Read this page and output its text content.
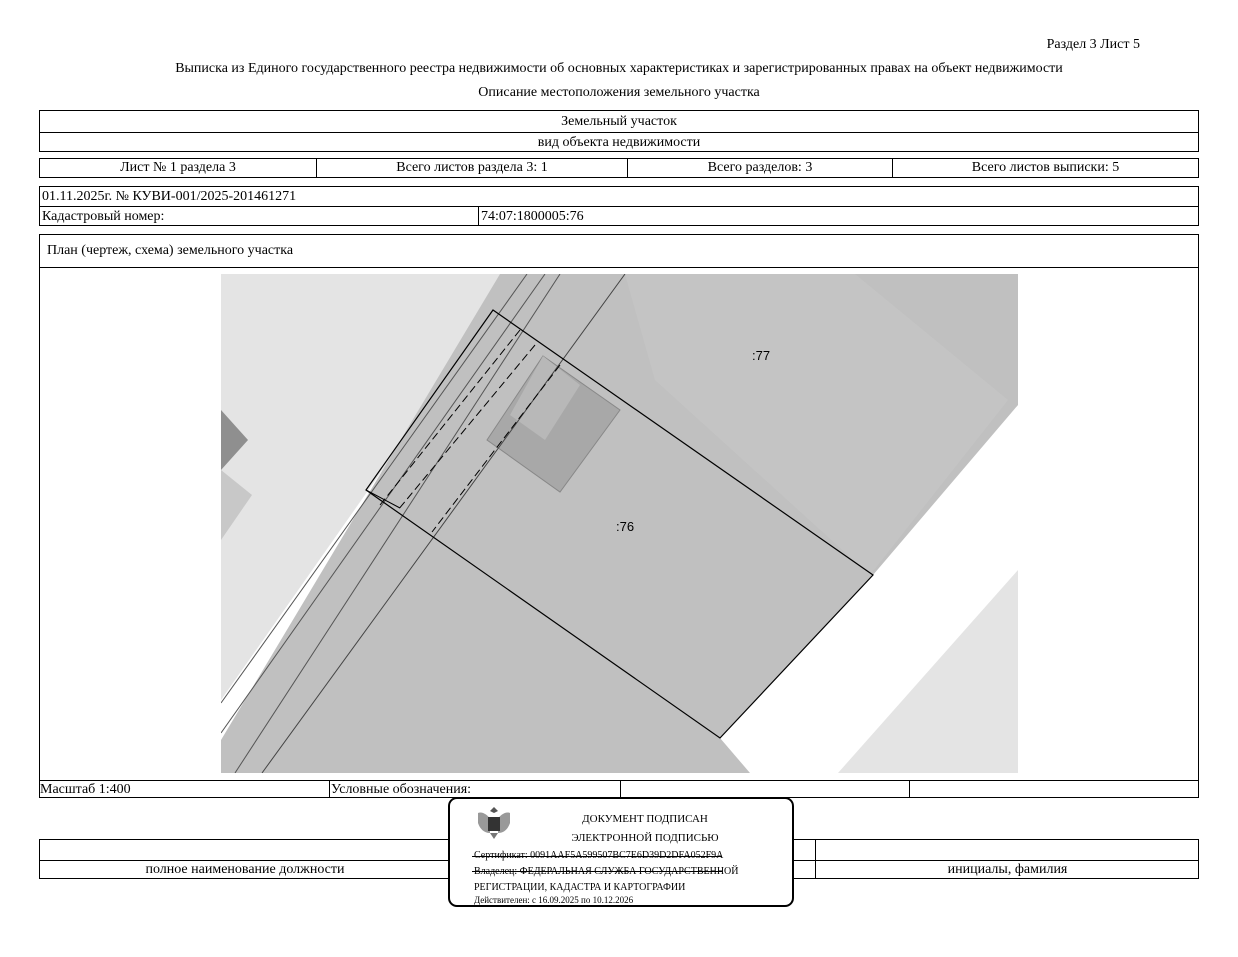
Раздел 3 Лист 5
Выписка из Единого государственного реестра недвижимости об основных характеристиках и зарегистрированных правах на объект недвижимости
Описание местоположения земельного участка
Земельный участок
вид объекта недвижимости
Лист № 1 раздела 3	Всего листов раздела 3: 1	Всего разделов: 3	Всего листов выписки: 5
01.11.2025г. № КУВИ-001/2025-201461271
Кадастровый номер:	74:07:1800005:76
План (чертеж, схема) земельного участка
Масштаб 1:400	Условные обозначения:
:77
:76
полное наименование должности	инициалы, фамилия
ДОКУМЕНТ ПОДПИСАН
ЭЛЕКТРОННОЙ ПОДПИСЬЮ
Сертификат: 0091AAF5A599507BC7E6D39D2DFA052F9A
Владелец: ФЕДЕРАЛЬНАЯ СЛУЖБА ГОСУДАРСТВЕННОЙ
РЕГИСТРАЦИИ, КАДАСТРА И КАРТОГРАФИИ
Действителен: с 16.09.2025 по 10.12.2026
